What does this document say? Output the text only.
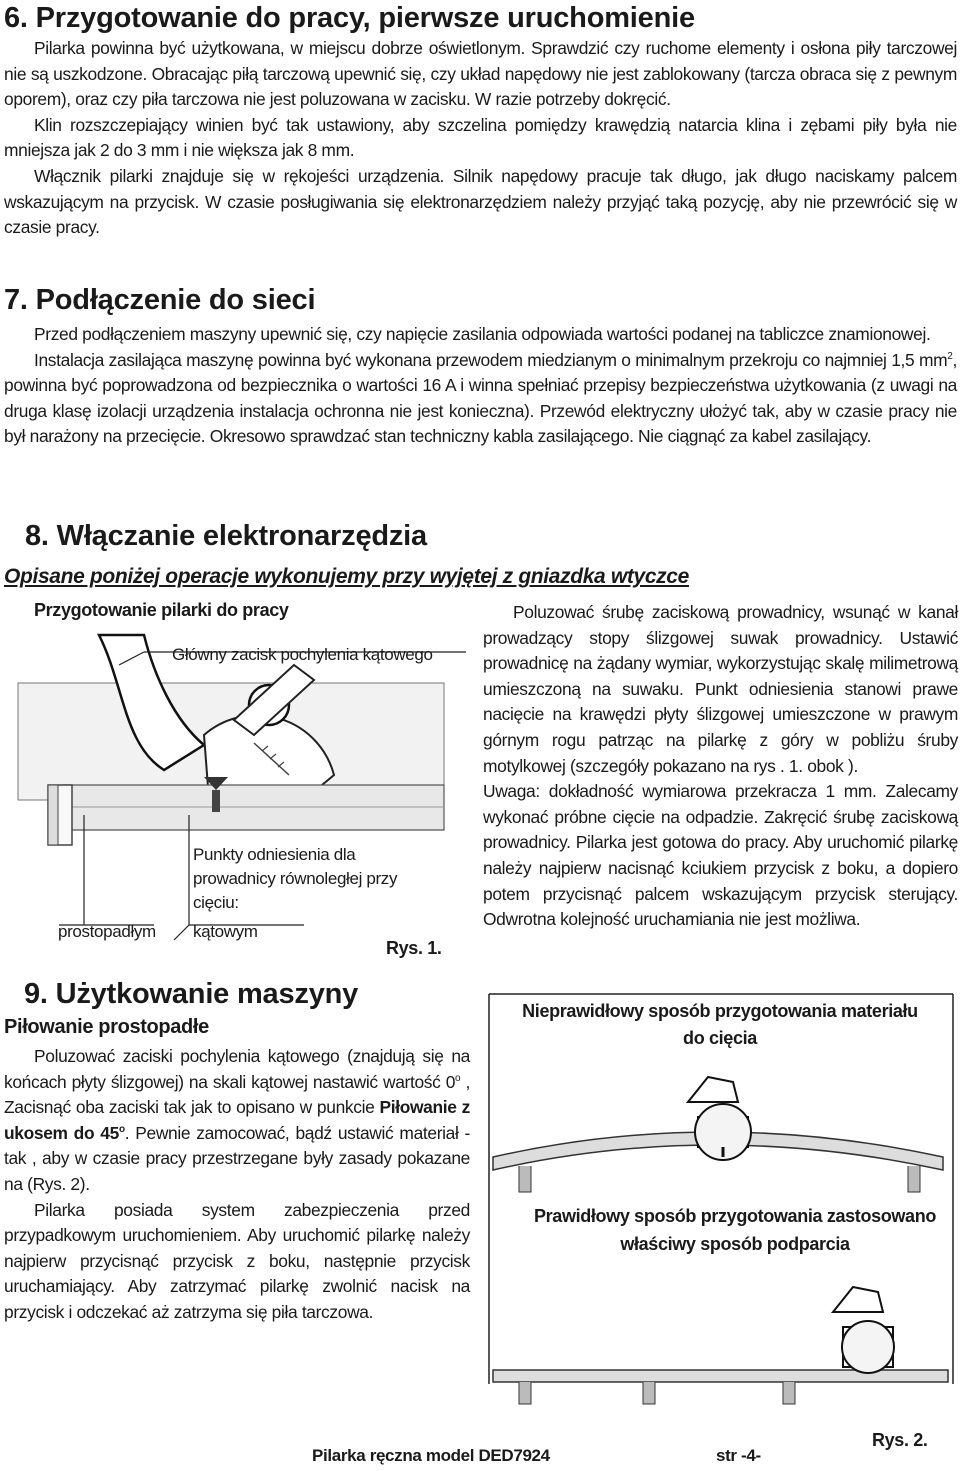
6. Przygotowanie do pracy, pierwsze uruchomienie

Pilarka powinna być użytkowana, w miejscu dobrze oświetlonym. Sprawdzić czy ruchome elementy i osłona piły tarczowej nie są uszkodzone. Obracając piłą tarczową upewnić się, czy układ napędowy nie jest zablokowany (tarcza obraca się z pewnym oporem), oraz czy piła tarczowa nie jest poluzowana w zacisku. W razie potrzeby dokręcić.

Klin rozszczepiający winien być tak ustawiony, aby szczelina pomiędzy krawędzią natarcia klina i zębami piły była nie mniejsza jak 2 do 3 mm i nie większa jak 8 mm.

Włącznik pilarki znajduje się w rękojeści urządzenia. Silnik napędowy pracuje tak długo, jak długo naciskamy palcem wskazującym na przycisk. W czasie posługiwania się elektronarzędziem należy przyjąć taką pozycję, aby nie przewrócić się w czasie pracy.

7. Podłączenie do sieci

Przed podłączeniem maszyny upewnić się, czy napięcie zasilania odpowiada wartości podanej na tabliczce znamionowej.

Instalacja zasilająca maszynę powinna być wykonana przewodem miedzianym o minimalnym przekroju co najmniej 1,5 $mm^2$, powinna być poprowadzona od bezpiecznika o wartości 16 A i winna spełniać przepisy bezpieczeństwa użytkowania (z uwagi na druga klasę izolacji urządzenia instalacja ochronna nie jest konieczna). Przewód elektryczny ułożyć tak, aby w czasie pracy nie był narażony na przecięcie. Okresowo sprawdzać stan techniczny kabla zasilającego. Nie ciągnąć za kabel zasilający.

8. Włączanie elektronarzędzia
Opisane poniżej operacje wykonujemy przy wyjętej z gniazdka wtyczce
Przygotowanie pilarki do pracy
Główny zacisk pochylenia kątowego
Punkty odniesienia dla prowadnicy równoległej przy cięciu:
prostopadłym kątowym
Rys. 1.

Poluzować śrubę zaciskową prowadnicy, wsunąć w kanał prowadzący stopy ślizgowej suwak prowadnicy. Ustawić prowadnicę na żądany wymiar, wykorzystując skalę milimetrową umieszczoną na suwaku. Punkt odniesienia stanowi prawe nacięcie na krawędzi płyty ślizgowej umieszczone w prawym górnym rogu patrząc na pilarkę z góry w pobliżu śruby motylkowej (szczegóły pokazano na rys . 1. obok ).

Uwaga: dokładność wymiarowa przekracza 1 mm. Zalecamy wykonać próbne cięcie na odpadzie. Zakręcić śrubę zaciskową prowadnicy. Pilarka jest gotowa do pracy. Aby uruchomić pilarkę należy najpierw nacisnąć kciukiem przycisk z boku, a dopiero potem przycisnąć palcem wskazującym przycisk sterujący. Odwrotna kolejność uruchamiania nie jest możliwa.

9. Użytkowanie maszyny
Piłowanie prostopadłe

Poluzować zaciski pochylenia kątowego (znajdują się na końcach płyty ślizgowej) na skali kątowej nastawić wartość 0$^o$ , Zacisnąć oba zaciski tak jak to opisano w punkcie Piłowanie z ukosem do 45$^o$. Pewnie zamocować, bądź ustawić materiał - tak , aby w czasie pracy przestrzegane były zasady pokazane na (Rys. 2).

Pilarka posiada system zabezpieczenia przed przypadkowym uruchomieniem. Aby uruchomić pilarkę należy najpierw przycisnąć przycisk z boku, następnie przycisk uruchamiający. Aby zatrzymać pilarkę zwolnić nacisk na przycisk i odczekać aż zatrzyma się piła tarczowa.

Nieprawidłowy sposób przygotowania materiału do cięcia
Prawidłowy sposób przygotowania zastosowano właściwy sposób podparcia
Rys. 2.
Pilarka ręczna model DED7924	str -4-
